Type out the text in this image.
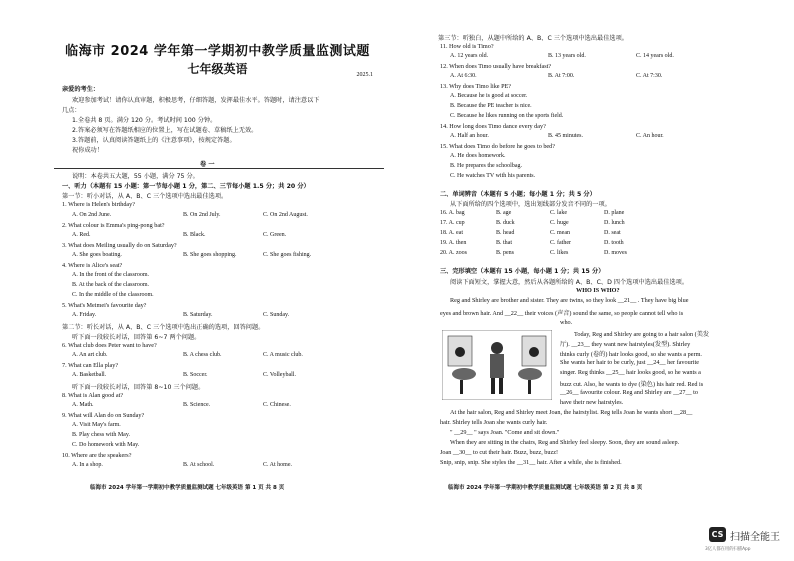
临海市 2024 学年第一学期初中教学质量监测试题
七年级英语	2025.1
亲爱的考生：
欢迎参加考试！请你认真审题，积极思考，仔细答题，发挥最佳水平。答题时，请注意以下
几点：
1.全卷共 8 页。满分 120 分。考试时间 100 分钟。
2.答案必须写在答题纸相应的位置上，写在试题卷、草稿纸上无效。
3.答题前，认真阅读答题纸上的《注意事项》，按规定答题。
祝你成功！
卷 一
说明：本卷共五大题，55 小题，满分 75 分。
一、听力（本题有 15 小题：第一节每小题 1 分，第二、三节每小题 1.5 分；共 20 分）
第一节：听小对话，从 A、B、C 三个选项中选出最佳选项。
1. Where is Helen's birthday?
A. On 2nd June.	B. On 2nd July.	C. On 2nd August.
2. What colour is Emma's ping-pong bat?
A. Red.	B. Black.	C. Green.
3. What does Meiling usually do on Saturday?
A. She goes boating.	B. She goes shopping.	C. She goes fishing.
4. Where is Alice's seat?
A. In the front of the classroom.
B. At the back of the classroom.
C. In the middle of the classroom.
5. What's Meimei's favourite day?
A. Friday.	B. Saturday.	C. Sunday.
第二节：听长对话，从 A、B、C 三个选项中选出正确的选项，回答问题。
听下面一段较长对话，回答第 6~7 两个问题。
6. What club does Peter want to have?
A. An art club.	B. A chess club.	C. A music club.
7. What can Ella play?
A. Basketball.	B. Soccer.	C. Volleyball.
听下面一段较长对话，回答第 8~10 三个问题。
8. What is Alan good at?
A. Math.	B. Science.	C. Chinese.
9. What will Alan do on Sunday?
A. Visit May's farm.
B. Play chess with May.
C. Do homework with May.
10. Where are the speakers?
A. In a shop.	B. At school.	C. At home.
临海市 2024 学年第一学期初中教学质量监测试题 七年级英语 第 1 页 共 8 页
第三节：听独白，从题中所给的 A、B、C 三个选项中选出最佳选项。
11. How old is Timo?
A. 12 years old.	B. 13 years old.	C. 14 years old.
12. When does Timo usually have breakfast?
A. At 6:30.	B. At 7:00.	C. At 7:30.
13. Why does Timo like PE?
A. Because he is good at soccer.
B. Because the PE teacher is nice.
C. Because he likes running on the sports field.
14. How long does Timo dance every day?
A. Half an hour.	B. 45 minutes.	C. An hour.
15. What does Timo do before he goes to bed?
A. He does homework.
B. He prepares the schoolbag.
C. He watches TV with his parents.
二、单词辨音（本题有 5 小题；每小题 1 分；共 5 分）
从下面所给的四个选项中，选出划线部分发音不同的一项。
16. A. bag	B. age	C. lake	D. plane
17. A. cup	B. duck	C. huge	D. lunch
18. A. eat	B. head	C. mean	D. seat
19. A. then	B. that	C. father	D. tooth
20. A. zoos	B. pens	C. likes	D. moves
三、完形填空（本题有 15 小题，每小题 1 分；共 15 分）
阅读下面短文，掌握大意，然后从各题所给的 A、B、C、D 四个选项中选出最佳选项。
WHO IS WHO?
Reg and Shirley are brother and sister. They are twins, so they look __21__ . They have big blue
eyes and brown hair. And __22__ their voices (声音) sound the same, so people cannot tell who is
who.
Today, Reg and Shirley are going to a hair salon (美发
厅). __23__ they want new hairstyles(发型). Shirley
thinks curly (卷的) hair looks good, so she wants a perm.
She wants her hair to be curly, just __24__ her favourite
singer. Reg thinks __25__ hair looks good, so he wants a
buzz cut. Also, he wants to dye (染色) his hair red. Red is
__26__ favourite colour. Reg and Shirley are __27__ to
have their new hairstyles.
At the hair salon, Reg and Shirley meet Joan, the hairstylist. Reg tells Joan he wants short __28__
hair. Shirley tells Joan she wants curly hair.
" __29__ " says Joan. "Come and sit down."
When they are sitting in the chairs, Reg and Shirley feel sleepy. Soon, they are sound asleep.
Joan __30__ to cut their hair. Buzz, buzz, buzz!
Snip, snip, snip. She styles the __31__ hair. After a while, she is finished.
临海市 2024 学年第一学期初中教学质量监测试题 七年级英语 第 2 页 共 8 页
CS 扫描全能王
3亿人都在用的扫描App
